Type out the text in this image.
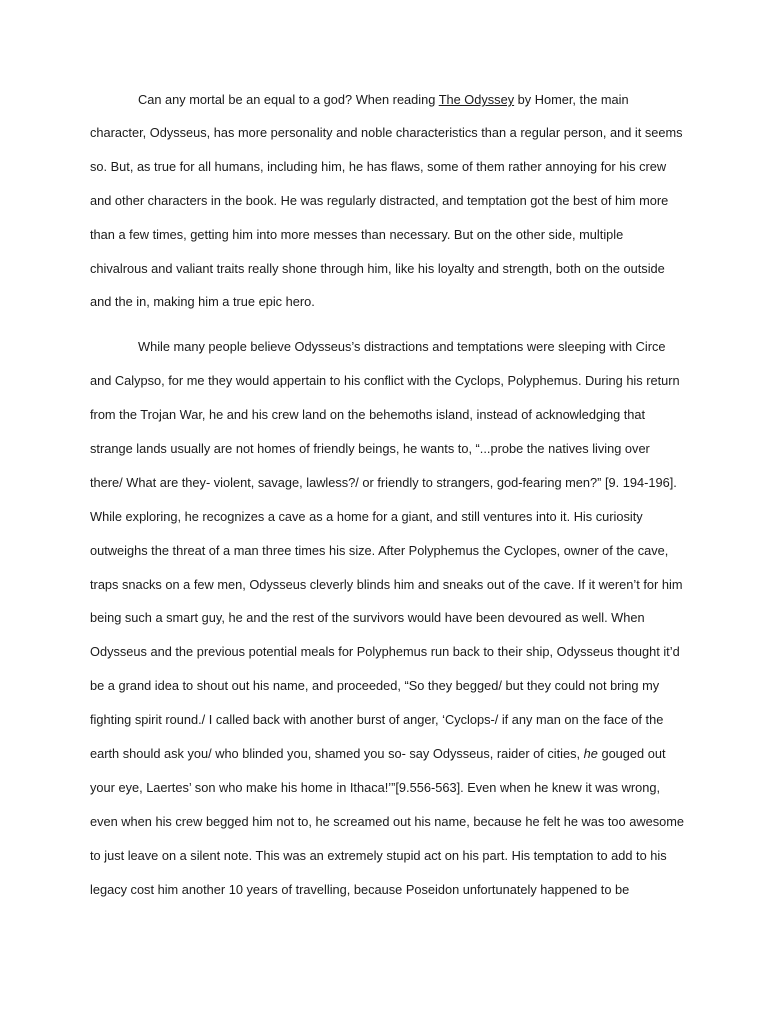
Can any mortal be an equal to a god? When reading The Odyssey by Homer, the main
character, Odysseus, has more personality and noble characteristics than a regular person, and it seems
so. But, as true for all humans, including him, he has flaws, some of them rather annoying for his crew
and other characters in the book. He was regularly distracted, and temptation got the best of him more
than a few times, getting him into more messes than necessary. But on the other side, multiple
chivalrous and valiant traits really shone through him, like his loyalty and strength, both on the outside
and the in, making him a true epic hero.
While many people believe Odysseus’s distractions and temptations were sleeping with Circe
and Calypso, for me they would appertain to his conflict with the Cyclops, Polyphemus. During his return
from the Trojan War, he and his crew land on the behemoths island, instead of acknowledging that
strange lands usually are not homes of friendly beings, he wants to, “...probe the natives living over
there/ What are they- violent, savage, lawless?/ or friendly to strangers, god-fearing men?” [9. 194-196].
While exploring, he recognizes a cave as a home for a giant, and still ventures into it. His curiosity
outweighs the threat of a man three times his size. After Polyphemus the Cyclopes, owner of the cave,
traps snacks on a few men, Odysseus cleverly blinds him and sneaks out of the cave. If it weren’t for him
being such a smart guy, he and the rest of the survivors would have been devoured as well. When
Odysseus and the previous potential meals for Polyphemus run back to their ship, Odysseus thought it’d
be a grand idea to shout out his name, and proceeded, “So they begged/ but they could not bring my
fighting spirit round./ I called back with another burst of anger, ‘Cyclops-/ if any man on the face of the
earth should ask you/ who blinded you, shamed you so- say Odysseus, raider of cities, he gouged out
your eye, Laertes’ son who make his home in Ithaca!’”[9.556-563]. Even when he knew it was wrong,
even when his crew begged him not to, he screamed out his name, because he felt he was too awesome
to just leave on a silent note. This was an extremely stupid act on his part. His temptation to add to his
legacy cost him another 10 years of travelling, because Poseidon unfortunately happened to be
